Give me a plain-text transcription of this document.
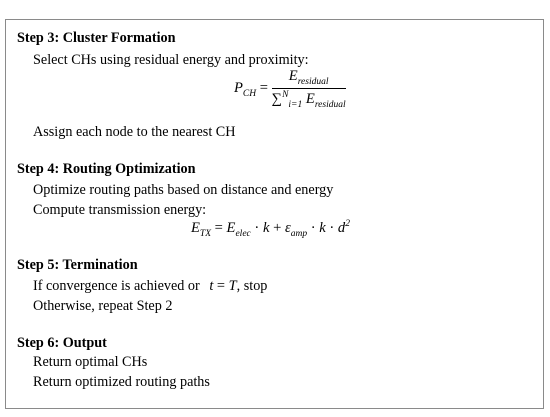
Step 3: Cluster Formation
Select CHs using residual energy and proximity:
$P_{CH} = \frac{E_{residual}}{\sum^N_{i=1} E_{residual}}$
Assign each node to the nearest CH
Step 4: Routing Optimization
Optimize routing paths based on distance and energy
Compute transmission energy:
$E_{TX} = E_{elec} \cdot k + \varepsilon_{amp} \cdot k \cdot d^2$
Step 5: Termination
If convergence is achieved or t = T, stop
Otherwise, repeat Step 2
Step 6: Output
Return optimal CHs
Return optimized routing paths
